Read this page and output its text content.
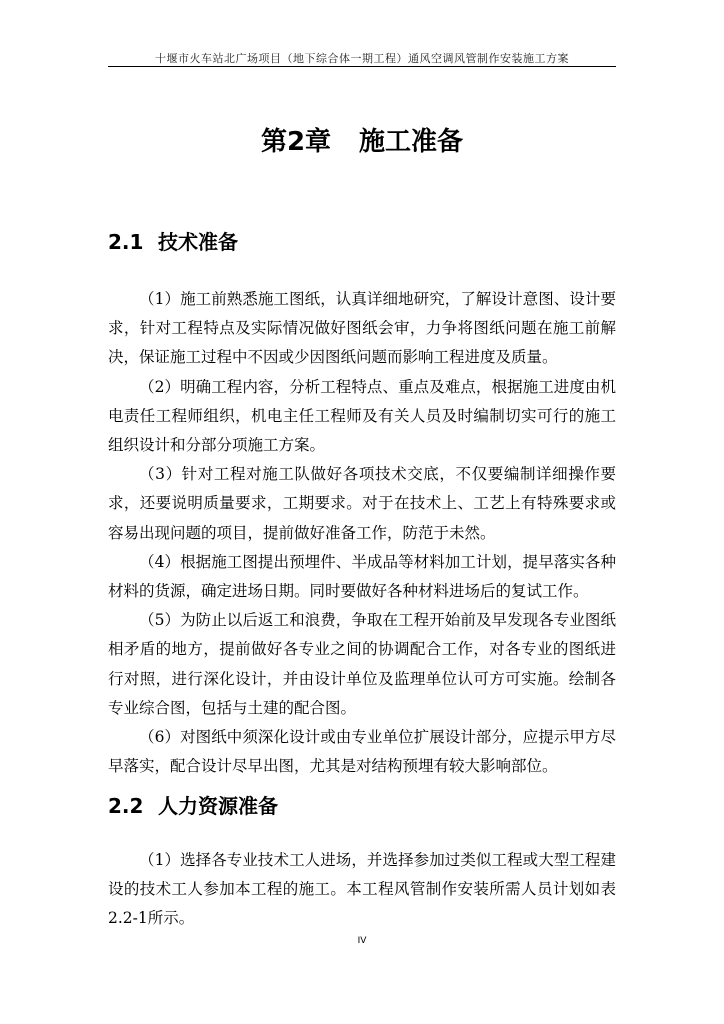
十堰市火车站北广场项目（地下综合体一期工程）通风空调风管制作安装施工方案
第2章 施工准备
2.1 技术准备

（1）施工前熟悉施工图纸，认真详细地研究，了解设计意图、设计要求，针对工程特点及实际情况做好图纸会审，力争将图纸问题在施工前解决，保证施工过程中不因或少因图纸问题而影响工程进度及质量。

（2）明确工程内容，分析工程特点、重点及难点，根据施工进度由机电责任工程师组织，机电主任工程师及有关人员及时编制切实可行的施工组织设计和分部分项施工方案。

（3）针对工程对施工队做好各项技术交底，不仅要编制详细操作要求，还要说明质量要求，工期要求。对于在技术上、工艺上有特殊要求或容易出现问题的项目，提前做好准备工作，防范于未然。

（4）根据施工图提出预埋件、半成品等材料加工计划，提早落实各种材料的货源，确定进场日期。同时要做好各种材料进场后的复试工作。

（5）为防止以后返工和浪费，争取在工程开始前及早发现各专业图纸相矛盾的地方，提前做好各专业之间的协调配合工作，对各专业的图纸进行对照，进行深化设计，并由设计单位及监理单位认可方可实施。绘制各专业综合图，包括与土建的配合图。

（6）对图纸中须深化设计或由专业单位扩展设计部分，应提示甲方尽早落实，配合设计尽早出图，尤其是对结构预埋有较大影响部位。

2.2 人力资源准备

（1）选择各专业技术工人进场，并选择参加过类似工程或大型工程建设的技术工人参加本工程的施工。本工程风管制作安装所需人员计划如表2.2-1所示。

IV
